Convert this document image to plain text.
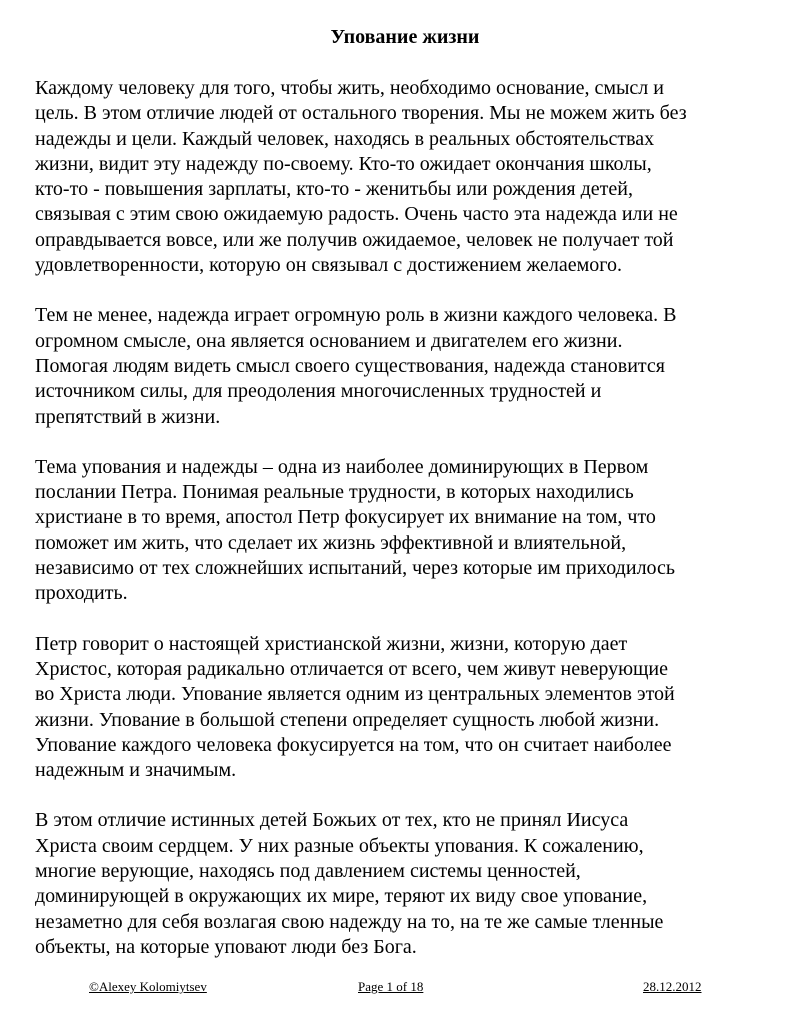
Упование жизни
Каждому человеку для того, чтобы жить, необходимо основание, смысл и
цель. В этом отличие людей от остального творения. Мы не можем жить без
надежды и цели. Каждый человек, находясь в реальных обстоятельствах
жизни, видит эту надежду по-своему. Кто-то ожидает окончания школы,
кто-то - повышения зарплаты, кто-то - женитьбы или рождения детей,
связывая с этим свою ожидаемую радость. Очень часто эта надежда или не
оправдывается вовсе, или же получив ожидаемое, человек не получает той
удовлетворенности, которую он связывал с достижением желаемого.
Тем не менее, надежда играет огромную роль в жизни каждого человека. В
огромном смысле, она является основанием и двигателем его жизни.
Помогая людям видеть смысл своего существования, надежда становится
источником силы, для преодоления многочисленных трудностей и
препятствий в жизни.
Тема упования и надежды – одна из наиболее доминирующих в Первом
послании Петра. Понимая реальные трудности, в которых находились
христиане в то время, апостол Петр фокусирует их внимание на том, что
поможет им жить, что сделает их жизнь эффективной и влиятельной,
независимо от тех сложнейших испытаний, через которые им приходилось
проходить.
Петр говорит о настоящей христианской жизни, жизни, которую дает
Христос, которая радикально отличается от всего, чем живут неверующие
во Христа люди. Упование является одним из центральных элементов этой
жизни. Упование в большой степени определяет сущность любой жизни.
Упование каждого человека фокусируется на том, что он считает наиболее
надежным и значимым.
В этом отличие истинных детей Божьих от тех, кто не принял Иисуса
Христа своим сердцем. У них разные объекты упования. К сожалению,
многие верующие, находясь под давлением системы ценностей,
доминирующей в окружающих их мире, теряют их виду свое упование,
незаметно для себя возлагая свою надежду на то, на те же самые тленные
объекты, на которые уповают люди без Бога.
©Alexey Kolomiytsev	Page 1 of 18	28.12.2012
